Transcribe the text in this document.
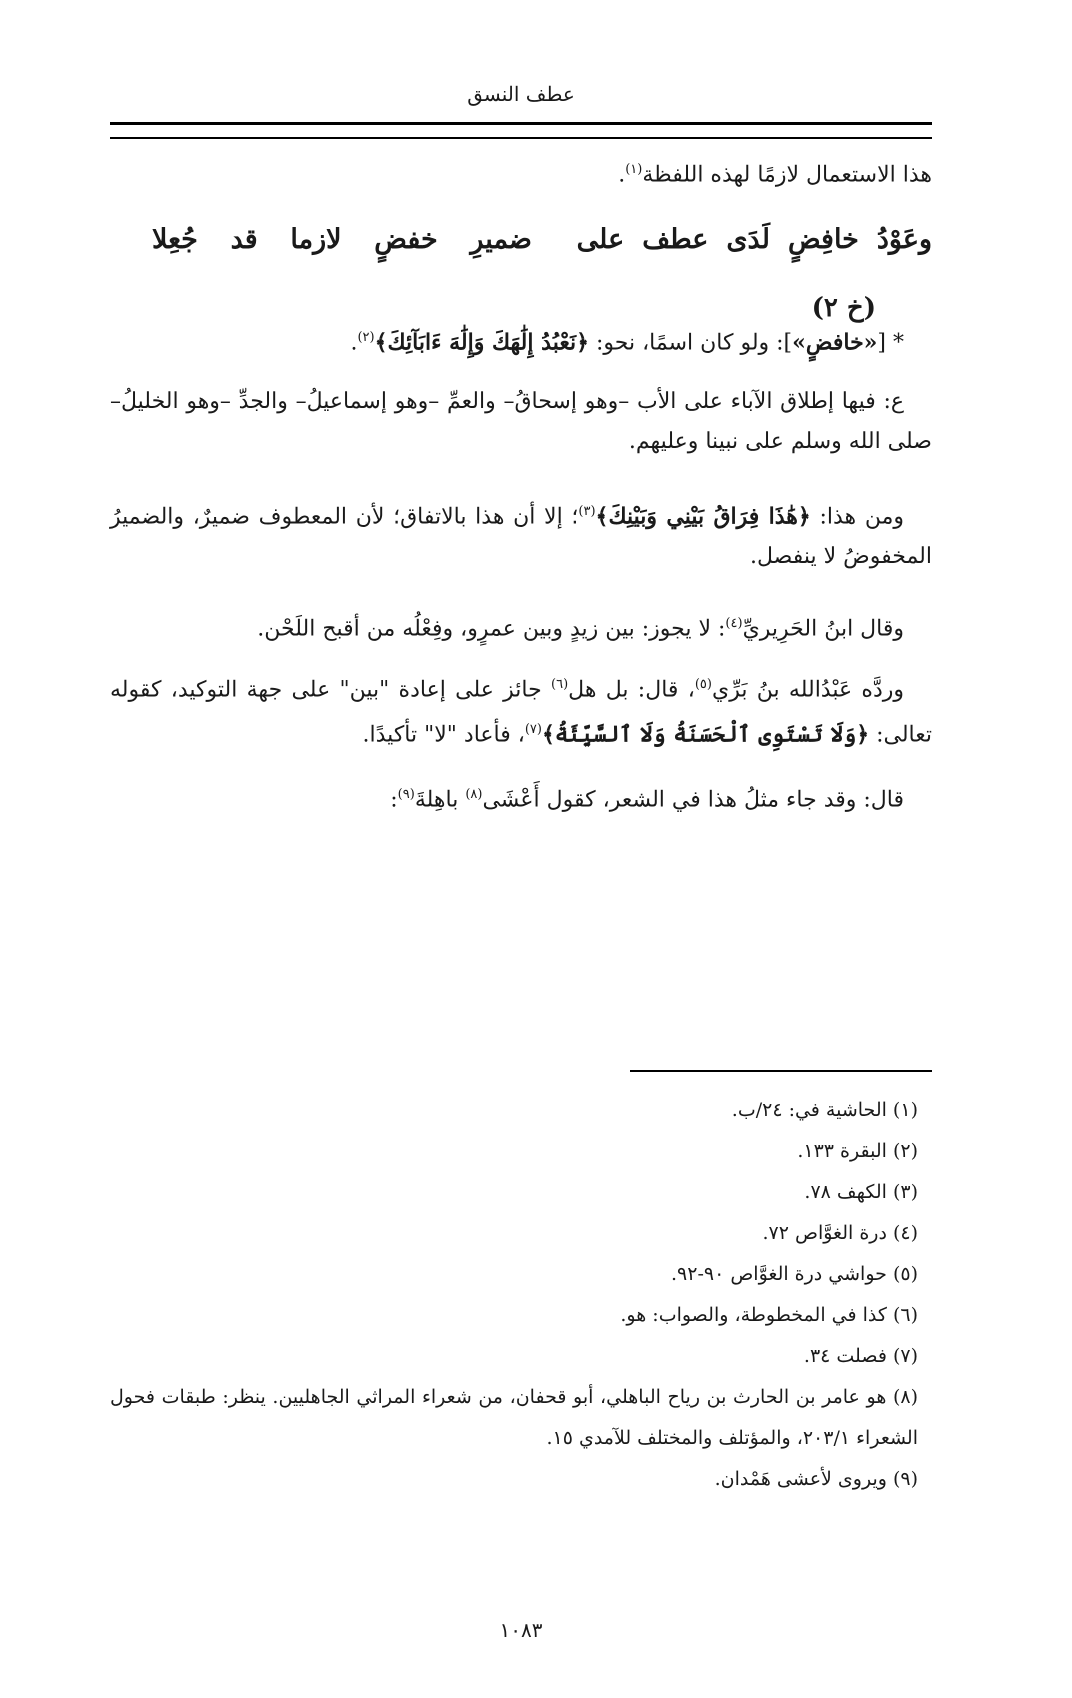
عطف النسق
هذا الاستعمال لازمًا لهذه اللفظة$^{(١)}$.
وعَوْدُ
خافِضٍ
لَدَى
عطف
على
ضميرِ
خفضٍ
لازما
قد
جُعِلا
(خ ٢)
* [«خافضٍ»]: ولو كان اسمًا، نحو: ﴿نَعْبُدُ إِلَٰهَكَ وَإِلَٰهَ ءَابَآئِكَ﴾$^{(٢)}$.
ع: فيها إطلاق الآباء على الأب –وهو إسحاقُ– والعمِّ –وهو إسماعيلُ– والجدِّ –وهو الخليلُ– صلى الله وسلم على نبينا وعليهم.
ومن هذا: ﴿هَٰذَا فِرَاقُ بَيْنِي وَبَيْنِكَ﴾$^{(٣)}$؛ إلا أن هذا بالاتفاق؛ لأن المعطوف ضميرٌ، والضميرُ المخفوضُ لا ينفصل.
وقال ابنُ الحَرِيريِّ$^{(٤)}$: لا يجوز: بين زيدٍ وبين عمرٍو، وفِعْلُه من أقبح اللَحْن.
وردَّه عَبْدُالله بنُ بَرِّي$^{(٥)}$، قال: بل هل$^{(٦)}$ جائز على إعادة "بين" على جهة التوكيد، كقوله تعالى: ﴿وَلَا تَسْتَوِى ٱلْحَسَنَةُ وَلَا ٱلسَّيِّئَةُ﴾$^{(٧)}$، فأعاد "لا" تأكيدًا.
قال: وقد جاء مثلُ هذا في الشعر، كقول أَعْشَى$^{(٨)}$ باهِلةَ$^{(٩)}$:

(١) الحاشية في: ٢٤/ب.

(٢) البقرة ١٣٣.

(٣) الكهف ٧٨.

(٤) درة الغوَّاص ٧٢.

(٥) حواشي درة الغوَّاص ٩٠-٩٢.

(٦) كذا في المخطوطة، والصواب: هو.

(٧) فصلت ٣٤.

(٨) هو عامر بن الحارث بن رياح الباهلي، أبو قحفان، من شعراء المراثي الجاهليين. ينظر: طبقات فحول الشعراء ٢٠٣/١، والمؤتلف والمختلف للآمدي ١٥.

(٩) ويروى لأعشى هَمْدان.

١٠٨٣
